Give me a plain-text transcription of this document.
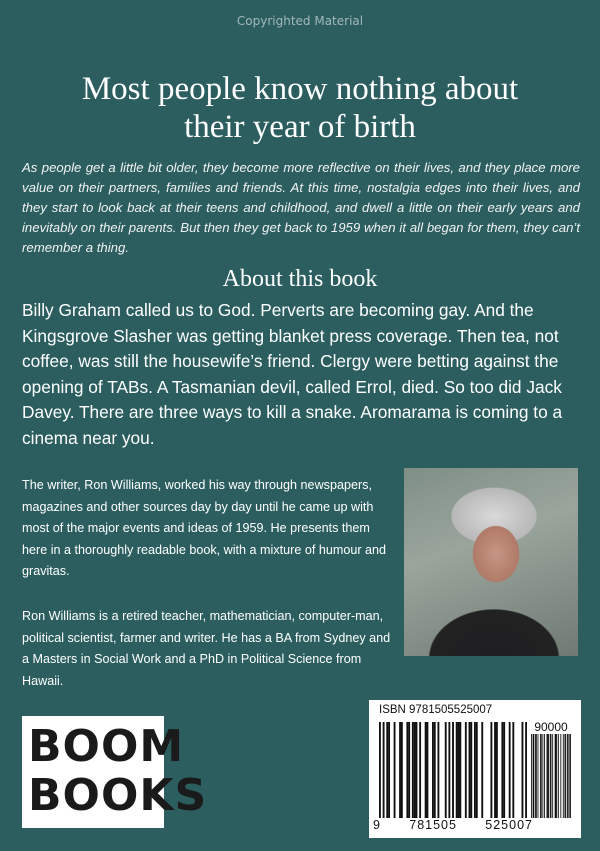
Copyrighted Material
Most people know nothing about
their year of birth
As people get a little bit older, they become more reflective on their lives, and they place more value on their partners, families and friends. At this time, nostalgia edges into their lives, and they start to look back at their teens and childhood, and dwell a little on their early years and inevitably on their parents. But then they get back to 1959 when it all began for them, they can’t remember a thing.
About this book
Billy Graham called us to God. Perverts are becoming gay. And the Kingsgrove Slasher was getting blanket press coverage. Then tea, not coffee, was still the housewife’s friend. Clergy were betting against the opening of TABs. A Tasmanian devil, called Errol, died. So too did Jack Davey. There are three ways to kill a snake. Aromarama is coming to a cinema near you.
The writer, Ron Williams, worked his way through newspapers, magazines and other sources day by day until he came up with most of the major events and ideas of 1959. He presents them here in a thoroughly readable book, with a mixture of humour and gravitas.
Ron Williams is a retired teacher, mathematician, computer-man, political scientist, farmer and writer. He has a BA from Sydney and a Masters in Social Work and a PhD in Political Science from Hawaii.
BOOM
BOOKS
ISBN 9781505525007
90000
9 781505 525007
